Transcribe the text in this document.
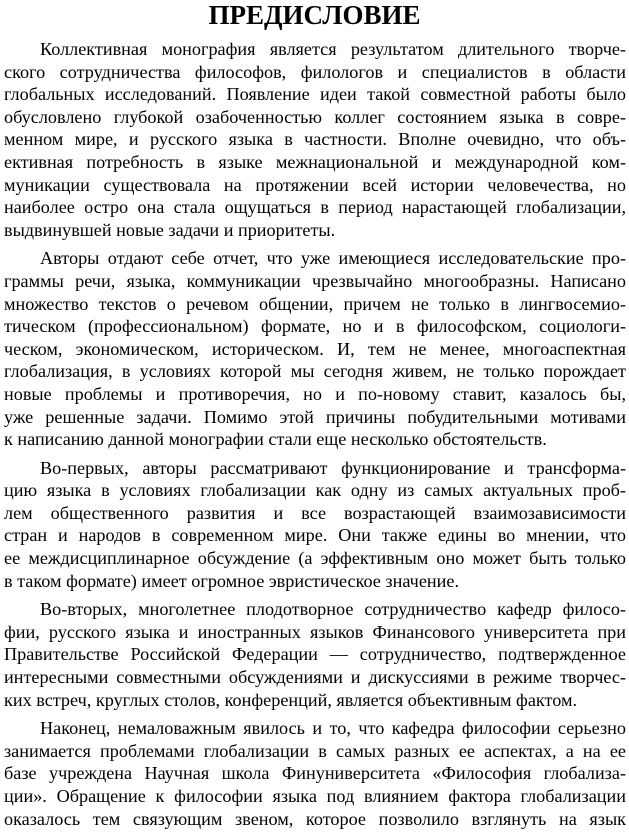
ПРЕДИСЛОВИЕ
Коллективная монография является результатом длительного творче-
ского сотрудничества философов, филологов и специалистов в области
глобальных исследований. Появление идеи такой совместной работы было
обусловлено глубокой озабоченностью коллег состоянием языка в совре-
менном мире, и русского языка в частности. Вполне очевидно, что объ-
ективная потребность в языке межнациональной и международной ком-
муникации существовала на протяжении всей истории человечества, но
наиболее остро она стала ощущаться в период нарастающей глобализации,
выдвинувшей новые задачи и приоритеты.
Авторы отдают себе отчет, что уже имеющиеся исследовательские про-
граммы речи, языка, коммуникации чрезвычайно многообразны. Написано
множество текстов о речевом общении, причем не только в лингвосемио-
тическом (профессиональном) формате, но и в философском, социологи-
ческом, экономическом, историческом. И, тем не менее, многоаспектная
глобализация, в условиях которой мы сегодня живем, не только порождает
новые проблемы и противоречия, но и по-новому ставит, казалось бы,
уже решенные задачи. Помимо этой причины побудительными мотивами
к написанию данной монографии стали еще несколько обстоятельств.
Во-первых, авторы рассматривают функционирование и трансформа-
цию языка в условиях глобализации как одну из самых актуальных проб-
лем общественного развития и все возрастающей взаимозависимости
стран и народов в современном мире. Они также едины во мнении, что
ее междисциплинарное обсуждение (а эффективным оно может быть только
в таком формате) имеет огромное эвристическое значение.
Во-вторых, многолетнее плодотворное сотрудничество кафедр филосо-
фии, русского языка и иностранных языков Финансового университета при
Правительстве Российской Федерации — сотрудничество, подтвержденное
интересными совместными обсуждениями и дискуссиями в режиме творчес-
ких встреч, круглых столов, конференций, является объективным фактом.
Наконец, немаловажным явилось и то, что кафедра философии серьезно
занимается проблемами глобализации в самых разных ее аспектах, а на ее
базе учреждена Научная школа Финуниверситета «Философия глобализа-
ции». Обращение к философии языка под влиянием фактора глобализации
оказалось тем связующим звеном, которое позволило взглянуть на язык
